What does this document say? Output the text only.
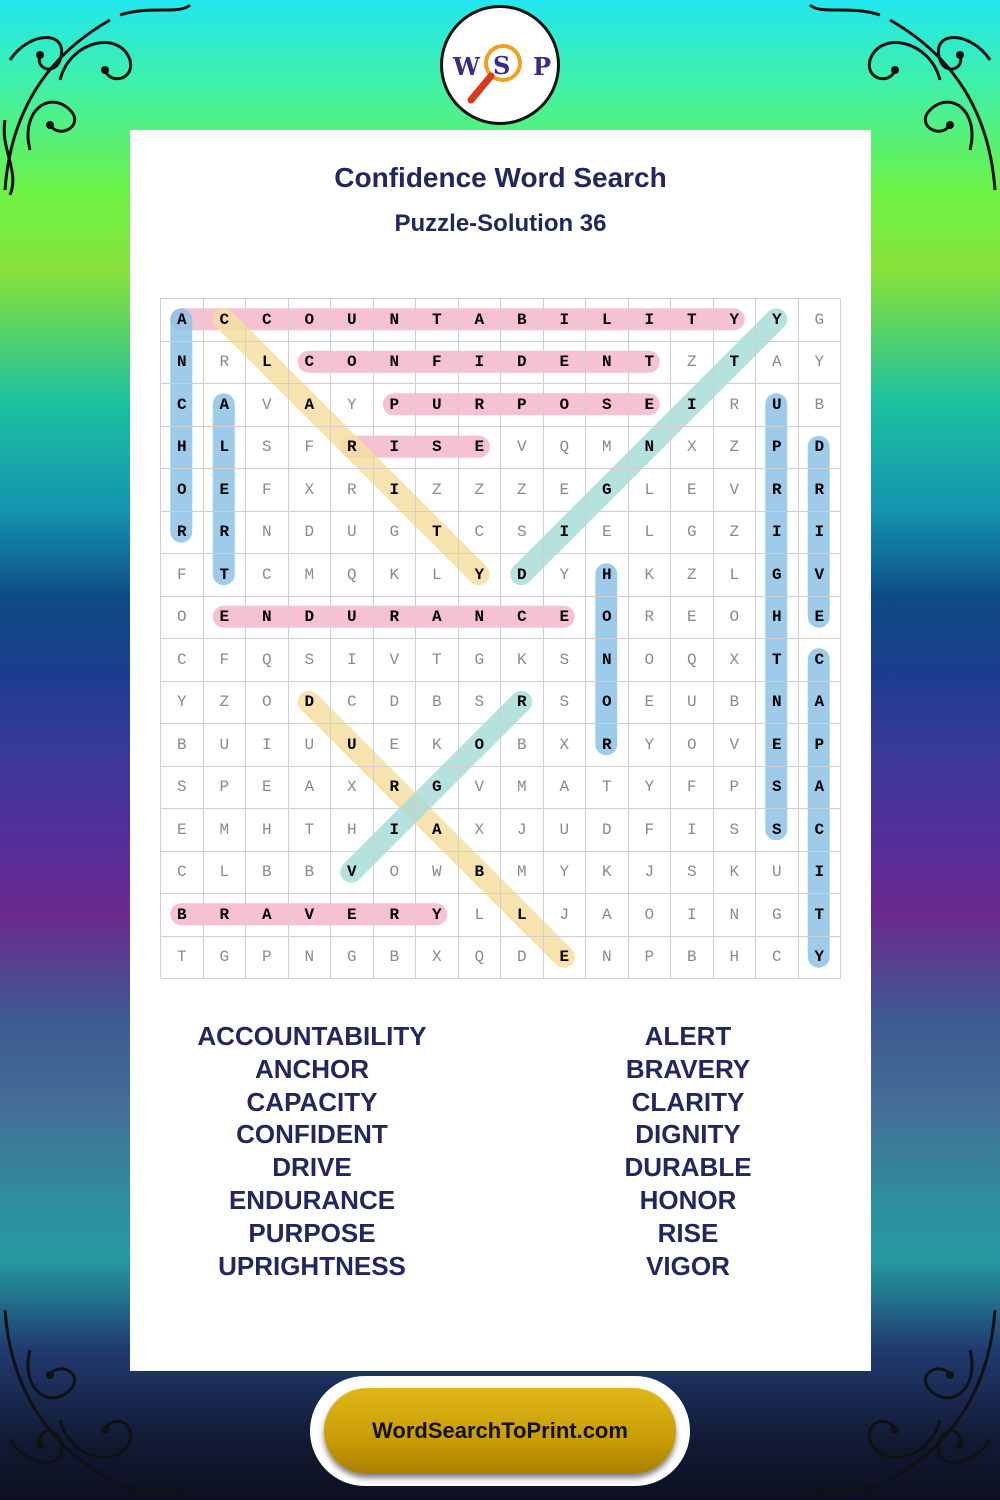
W S P
Confidence Word Search
Puzzle-Solution 36
A	C	C	O	U	N	T	A	B	I	L	I	T	Y	Y	G
N	R	L	C	O	N	F	I	D	E	N	T	Z	T	A	Y
C	A	V	A	Y	P	U	R	P	O	S	E	I	R	U	B
H	L	S	F	R	I	S	E	V	Q	M	N	X	Z	P	D
O	E	F	X	R	I	Z	Z	Z	E	G	L	E	V	R	R
R	R	N	D	U	G	T	C	S	I	E	L	G	Z	I	I
F	T	C	M	Q	K	L	Y	D	Y	H	K	Z	L	G	V
O	E	N	D	U	R	A	N	C	E	O	R	E	O	H	E
C	F	Q	S	I	V	T	G	K	S	N	O	Q	X	T	C
Y	Z	O	D	C	D	B	S	R	S	O	E	U	B	N	A
B	U	I	U	U	E	K	O	B	X	R	Y	O	V	E	P
S	P	E	A	X	R	G	V	M	A	T	Y	F	P	S	A
E	M	H	T	H	I	A	X	J	U	D	F	I	S	S	C
C	L	B	B	V	O	W	B	M	Y	K	J	S	K	U	I
B	R	A	V	E	R	Y	L	L	J	A	O	I	N	G	T
T	G	P	N	G	B	X	Q	D	E	N	P	B	H	C	Y
ACCOUNTABILITY
ANCHOR
CAPACITY
CONFIDENT
DRIVE
ENDURANCE
PURPOSE
UPRIGHTNESS
ALERT
BRAVERY
CLARITY
DIGNITY
DURABLE
HONOR
RISE
VIGOR
WordSearchToPrint.com
